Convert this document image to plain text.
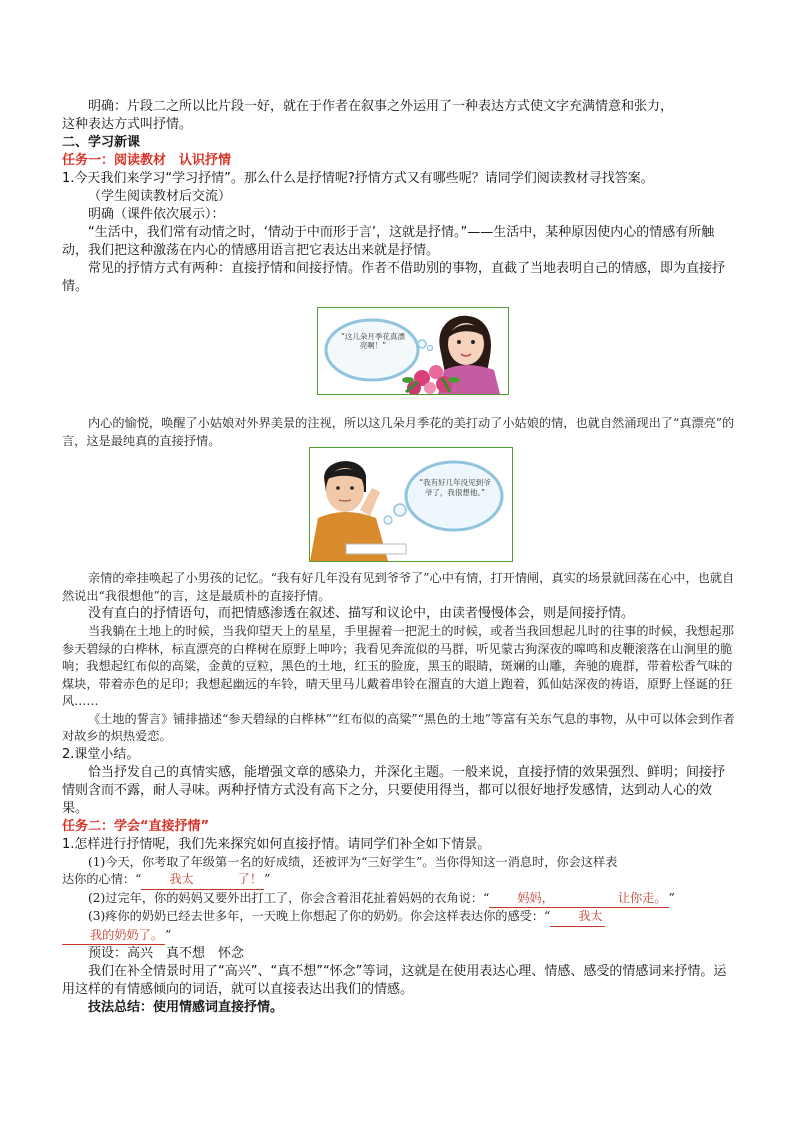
明确：片段二之所以比片段一好，就在于作者在叙事之外运用了一种表达方式使文字充满情意和张力，

这种表达方式叫抒情。

二、学习新课

任务一：阅读教材　认识抒情

1.今天我们来学习“学习抒情”。那么什么是抒情呢?抒情方式又有哪些呢？请同学们阅读教材寻找答案。

（学生阅读教材后交流）

明确（课件依次展示）：

“生活中，我们常有动情之时，‘情动于中而形于言’，这就是抒情。”——生活中，某种原因使内心的情感有所触动，我们把这种激荡在内心的情感用语言把它表达出来就是抒情。

常见的抒情方式有两种：直接抒情和间接抒情。作者不借助别的事物，直截了当地表明自己的情感，即为直接抒情。

内心的愉悦，唤醒了小姑娘对外界美景的注视，所以这几朵月季花的美打动了小姑娘的情，也就自然涌现出了“真漂亮”的言，这是最纯真的直接抒情。

亲情的牵挂唤起了小男孩的记忆。“我有好几年没有见到爷爷了”心中有情，打开情闸，真实的场景就回荡在心中，也就自然说出“我很想他”的言，这是最质朴的直接抒情。

没有直白的抒情语句，而把情感渗透在叙述、描写和议论中，由读者慢慢体会，则是间接抒情。

当我躺在土地上的时候，当我仰望天上的星星，手里握着一把泥土的时候，或者当我回想起儿时的往事的时候，我想起那参天碧绿的白桦林，标直漂亮的白桦树在原野上呻吟；我看见奔流似的马群，听见蒙古狗深夜的嗥鸣和皮鞭滚落在山涧里的脆响；我想起红布似的高粱，金黄的豆粒，黑色的土地，红玉的脸庞，黑玉的眼睛，斑斓的山雕，奔驰的鹿群，带着松香气味的煤块，带着赤色的足印；我想起幽远的车铃，晴天里马儿戴着串铃在溜直的大道上跑着，狐仙姑深夜的祷语，原野上怪诞的狂风……

《土地的誓言》铺排描述“参天碧绿的白桦林”“红布似的高粱”“黑色的土地”等富有关东气息的事物，从中可以体会到作者对故乡的炽热爱恋。

2.课堂小结。

恰当抒发自己的真情实感，能增强文章的感染力，并深化主题。一般来说，直接抒情的效果强烈、鲜明；间接抒情则含而不露，耐人寻味。两种抒情方式没有高下之分，只要使用得当，都可以很好地抒发感情，达到动人心的效果。

任务二：学会“直接抒情”

1.怎样进行抒情呢，我们先来探究如何直接抒情。请同学们补全如下情景。

(1)今天，你考取了年级第一名的好成绩，还被评为“三好学生”。当你得知这一消息时，你会这样表
达你的心情：“ 我太	了！ ”

(2)过完年，你的妈妈又要外出打工了，你会含着泪花扯着妈妈的衣角说：“ 妈妈，	让你走。 ”

(3)疼你的奶奶已经去世多年，一天晚上你想起了你的奶奶。你会这样表达你的感受：“ 我太
我的奶奶了。 ”

预设：高兴　真不想　怀念

我们在补全情景时用了“高兴”、“真不想”“怀念”等词，这就是在使用表达心理、情感、感受的情感词来抒情。运用这样的有情感倾向的词语，就可以直接表达出我们的情感。

技法总结：使用情感词直接抒情。

“这儿朵月季花真漂亮啊！”
“我有好几年没见到爷爷了，我很想他。”
